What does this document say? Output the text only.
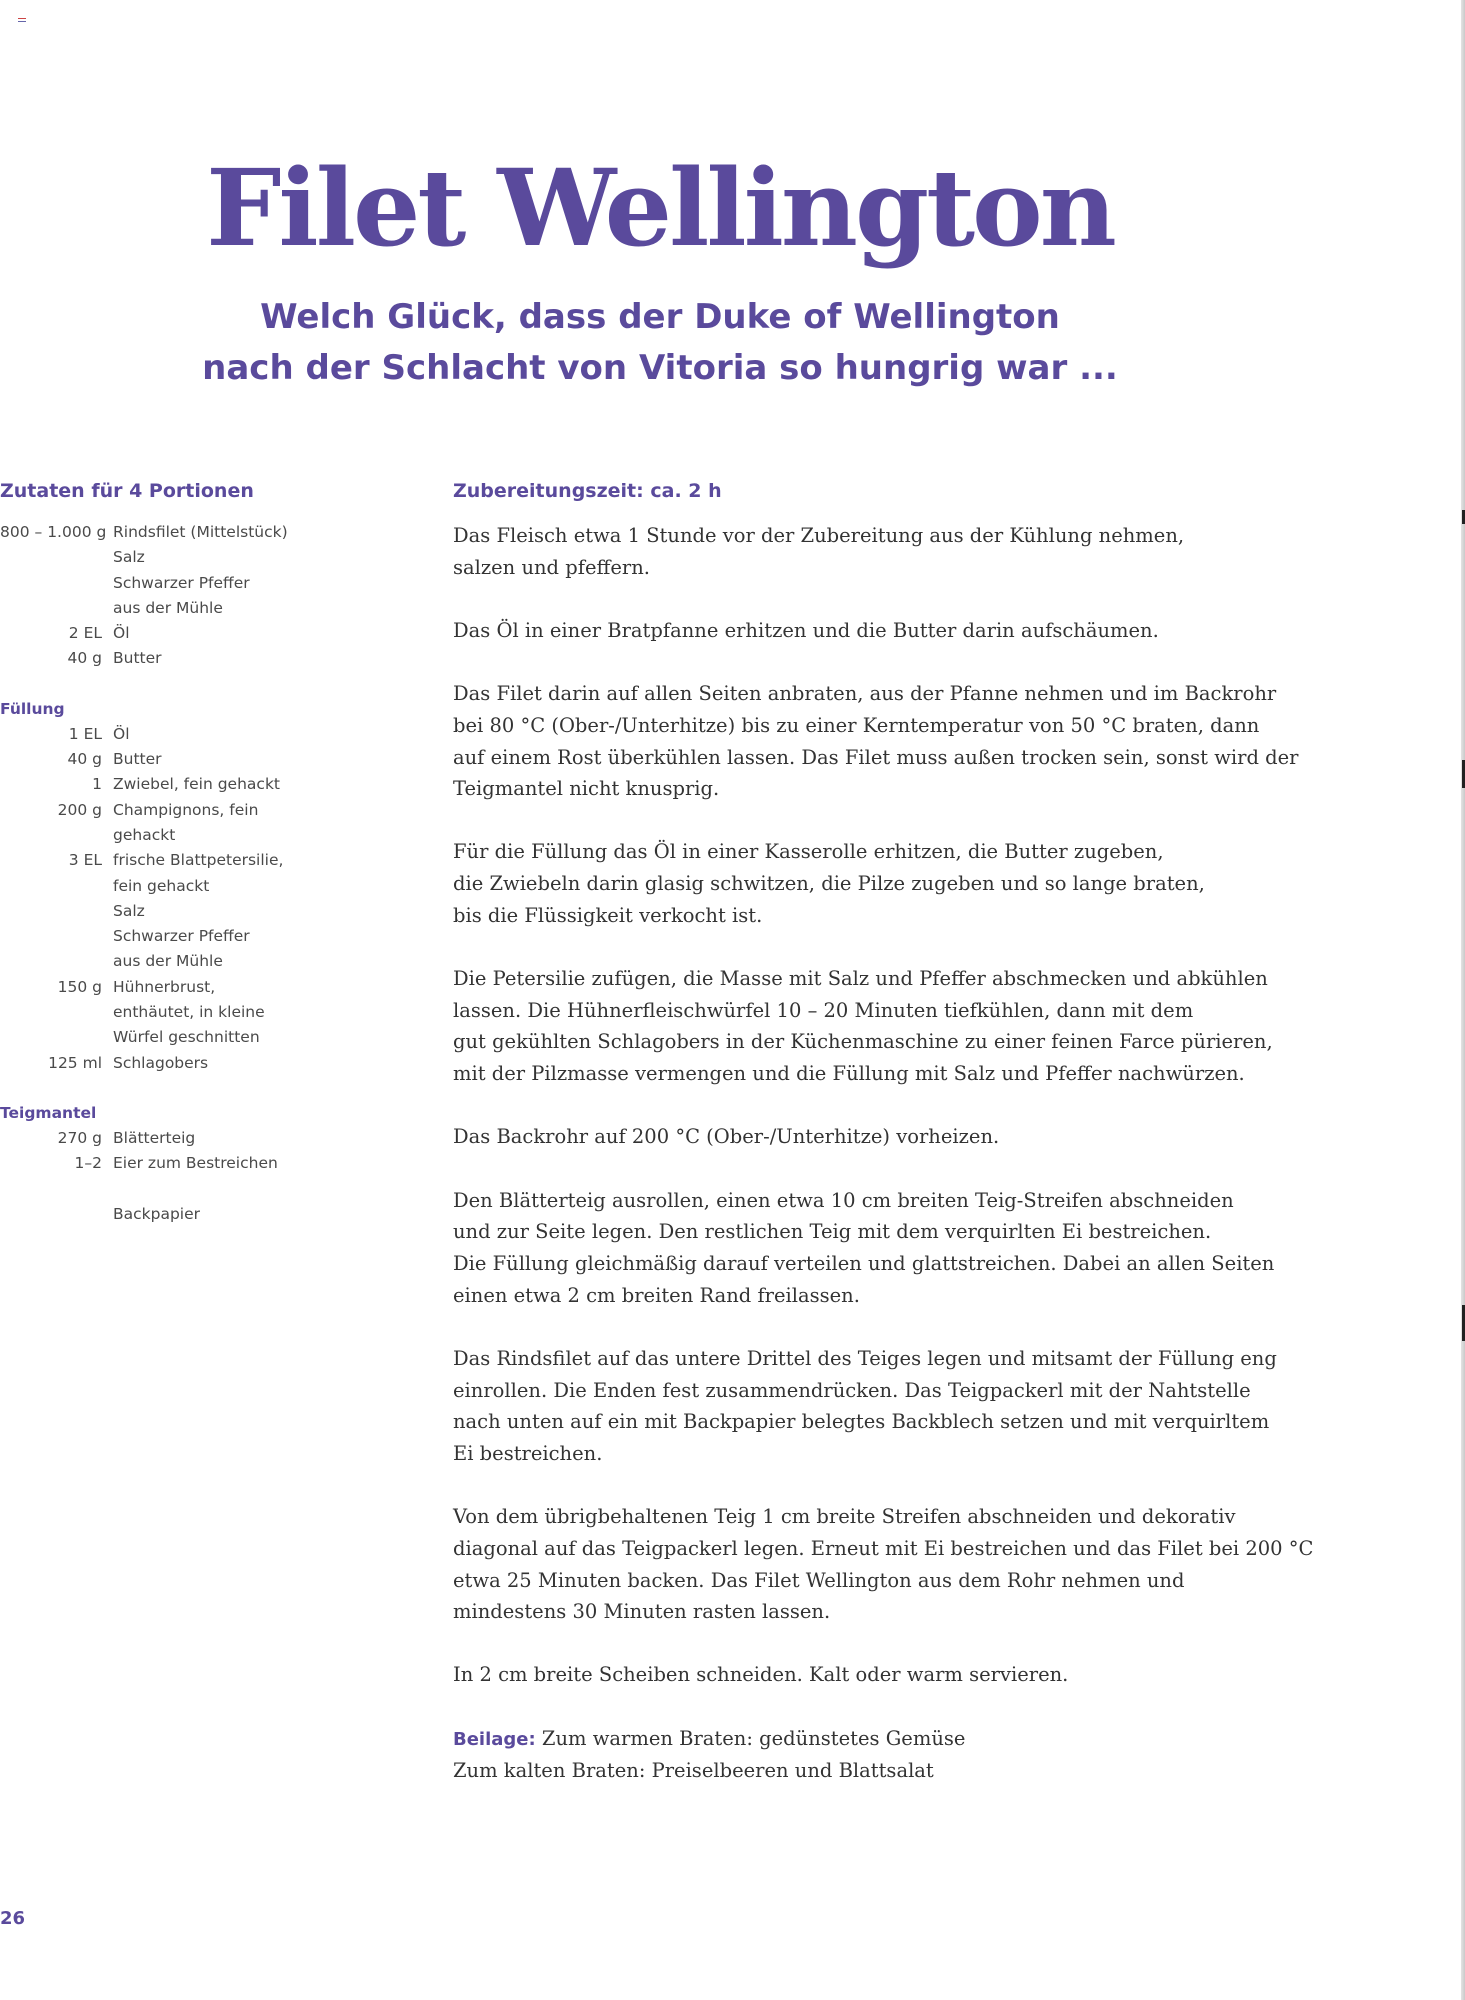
Filet Wellington
Welch Glück, dass der Duke of Wellington
nach der Schlacht von Vitoria so hungrig war ...
Zutaten für 4 Portionen
800 – 1.000 g Rindsfilet (Mittelstück)
Salz
Schwarzer Pfeffer
aus der Mühle
2 EL Öl
40 g Butter
Füllung
1 EL Öl
40 g Butter
1 Zwiebel, fein gehackt
200 g Champignons, fein
gehackt
3 EL frische Blattpetersilie,
fein gehackt
Salz
Schwarzer Pfeffer
aus der Mühle
150 g Hühnerbrust,
enthäutet, in kleine
Würfel geschnitten
125 ml Schlagobers
Teigmantel
270 g Blätterteig
1–2 Eier zum Bestreichen
Backpapier
Zubereitungszeit: ca. 2 h
Das Fleisch etwa 1 Stunde vor der Zubereitung aus der Kühlung nehmen,
salzen und pfeffern.
Das Öl in einer Bratpfanne erhitzen und die Butter darin aufschäumen.
Das Filet darin auf allen Seiten anbraten, aus der Pfanne nehmen und im Backrohr
bei 80 °C (Ober-/Unterhitze) bis zu einer Kerntemperatur von 50 °C braten, dann
auf einem Rost überkühlen lassen. Das Filet muss außen trocken sein, sonst wird der
Teigmantel nicht knusprig.
Für die Füllung das Öl in einer Kasserolle erhitzen, die Butter zugeben,
die Zwiebeln darin glasig schwitzen, die Pilze zugeben und so lange braten,
bis die Flüssigkeit verkocht ist.
Die Petersilie zufügen, die Masse mit Salz und Pfeffer abschmecken und abkühlen
lassen. Die Hühnerfleischwürfel 10 – 20 Minuten tiefkühlen, dann mit dem
gut gekühlten Schlagobers in der Küchenmaschine zu einer feinen Farce pürieren,
mit der Pilzmasse vermengen und die Füllung mit Salz und Pfeffer nachwürzen.
Das Backrohr auf 200 °C (Ober-/Unterhitze) vorheizen.
Den Blätterteig ausrollen, einen etwa 10 cm breiten Teig-Streifen abschneiden
und zur Seite legen. Den restlichen Teig mit dem verquirlten Ei bestreichen.
Die Füllung gleichmäßig darauf verteilen und glattstreichen. Dabei an allen Seiten
einen etwa 2 cm breiten Rand freilassen.
Das Rindsfilet auf das untere Drittel des Teiges legen und mitsamt der Füllung eng
einrollen. Die Enden fest zusammendrücken. Das Teigpackerl mit der Nahtstelle
nach unten auf ein mit Backpapier belegtes Backblech setzen und mit verquirltem
Ei bestreichen.
Von dem übrigbehaltenen Teig 1 cm breite Streifen abschneiden und dekorativ
diagonal auf das Teigpackerl legen. Erneut mit Ei bestreichen und das Filet bei 200 °C
etwa 25 Minuten backen. Das Filet Wellington aus dem Rohr nehmen und
mindestens 30 Minuten rasten lassen.
In 2 cm breite Scheiben schneiden. Kalt oder warm servieren.
Beilage: Zum warmen Braten: gedünstetes Gemüse
Zum kalten Braten: Preiselbeeren und Blattsalat
26
